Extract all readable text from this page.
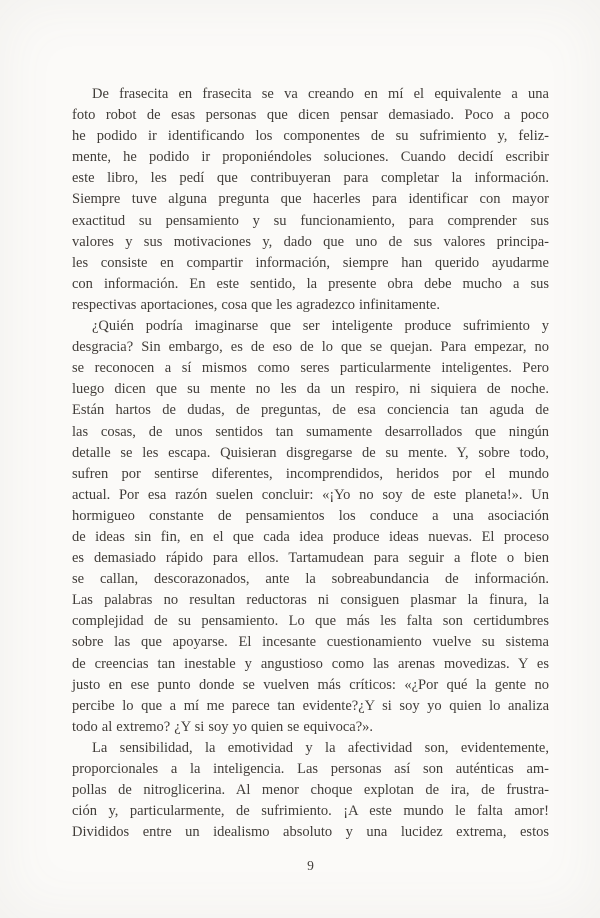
De frasecita en frasecita se va creando en mí el equivalente a una
foto robot de esas personas que dicen pensar demasiado. Poco a poco
he podido ir identificando los componentes de su sufrimiento y, feliz-
mente, he podido ir proponiéndoles soluciones. Cuando decidí escribir
este libro, les pedí que contribuyeran para completar la información.
Siempre tuve alguna pregunta que hacerles para identificar con mayor
exactitud su pensamiento y su funcionamiento, para comprender sus
valores y sus motivaciones y, dado que uno de sus valores principa-
les consiste en compartir información, siempre han querido ayudarme
con información. En este sentido, la presente obra debe mucho a sus
respectivas aportaciones, cosa que les agradezco infinitamente.
¿Quién podría imaginarse que ser inteligente produce sufrimiento y
desgracia? Sin embargo, es de eso de lo que se quejan. Para empezar, no
se reconocen a sí mismos como seres particularmente inteligentes. Pero
luego dicen que su mente no les da un respiro, ni siquiera de noche.
Están hartos de dudas, de preguntas, de esa conciencia tan aguda de
las cosas, de unos sentidos tan sumamente desarrollados que ningún
detalle se les escapa. Quisieran disgregarse de su mente. Y, sobre todo,
sufren por sentirse diferentes, incomprendidos, heridos por el mundo
actual. Por esa razón suelen concluir: «¡Yo no soy de este planeta!». Un
hormigueo constante de pensamientos los conduce a una asociación
de ideas sin fin, en el que cada idea produce ideas nuevas. El proceso
es demasiado rápido para ellos. Tartamudean para seguir a flote o bien
se callan, descorazonados, ante la sobreabundancia de información.
Las palabras no resultan reductoras ni consiguen plasmar la finura, la
complejidad de su pensamiento. Lo que más les falta son certidumbres
sobre las que apoyarse. El incesante cuestionamiento vuelve su sistema
de creencias tan inestable y angustioso como las arenas movedizas. Y es
justo en ese punto donde se vuelven más críticos: «¿Por qué la gente no
percibe lo que a mí me parece tan evidente?¿Y si soy yo quien lo analiza
todo al extremo? ¿Y si soy yo quien se equivoca?».
La sensibilidad, la emotividad y la afectividad son, evidentemente,
proporcionales a la inteligencia. Las personas así son auténticas am-
pollas de nitroglicerina. Al menor choque explotan de ira, de frustra-
ción y, particularmente, de sufrimiento. ¡A este mundo le falta amor!
Divididos entre un idealismo absoluto y una lucidez extrema, estos
9
